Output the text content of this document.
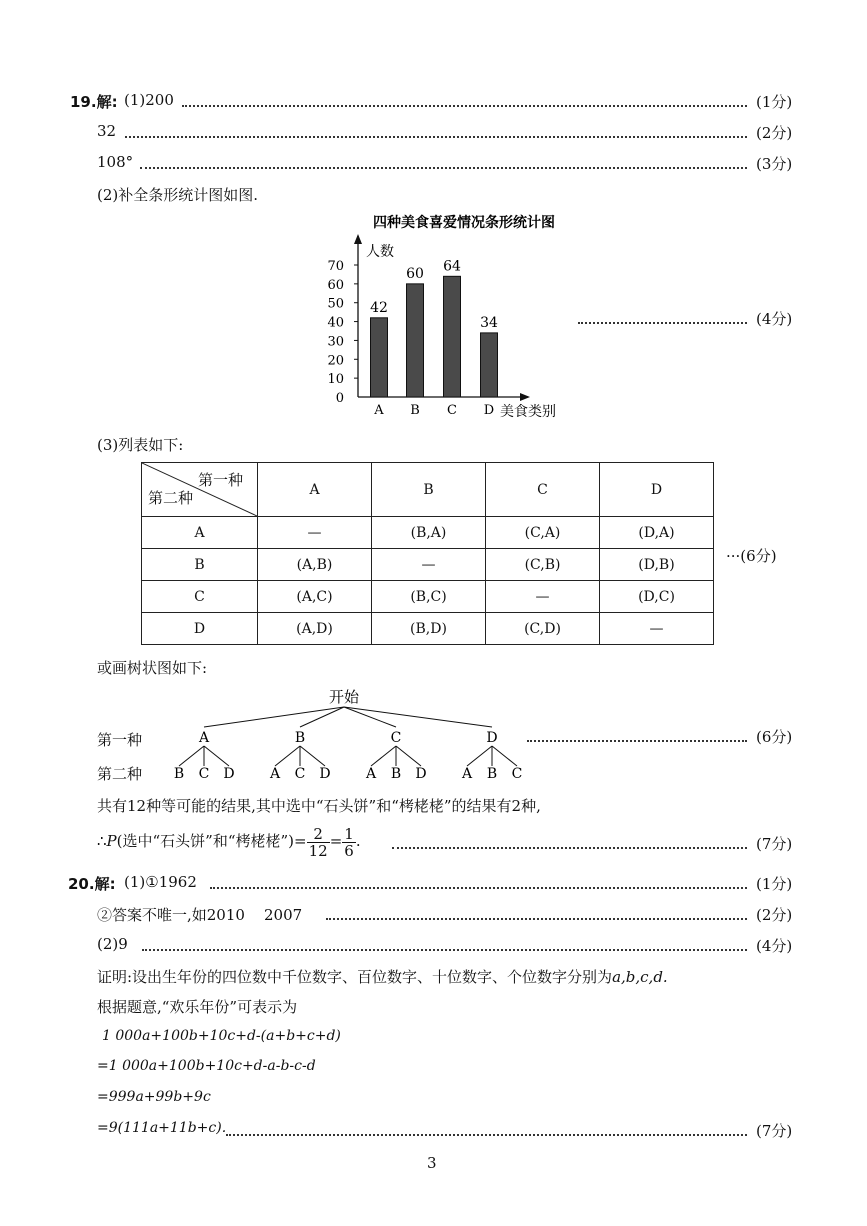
19.解: (1)200	(1分)
32	(2分)
108°	(3分)
(2)补全条形统计图如图.
四种美食喜爱情况条形统计图
人数
美食类别
0
10
20
30
40
50
60
70
42
A
60
B
64
C
34
D
(4分)
(3)列表如下:
第一种
第二种	A	B	C	D
A	—	(B,A)	(C,A)	(D,A)
B	(A,B)	—	(C,B)	(D,B)
C	(A,C)	(B,C)	—	(D,C)
D	(A,D)	(B,D)	(C,D)	—
···(6分)
或画树状图如下:
第一种
第二种
开始
A
B C D
B
A C D
C
A B D
D
A B C
(6分)
共有12种等可能的结果,其中选中“石头饼”和“栲栳栳”的结果有2种,
∴P(选中“石头饼”和“栲栳栳”)= $\frac{2}{12} = \frac{1}{6}$ .	(7分)
20.解: (1)①1962	(1分)
②答案不唯一,如2010    2007	(2分)
(2)9	(4分)
证明:设出生年份的四位数中千位数字、百位数字、十位数字、个位数字分别为a,b,c,d.
根据题意,“欢乐年份”可表示为
1 000a+100b+10c+d-(a+b+c+d)
=1 000a+100b+10c+d-a-b-c-d
=999a+99b+9c
=9(111a+11b+c).	(7分)
3
